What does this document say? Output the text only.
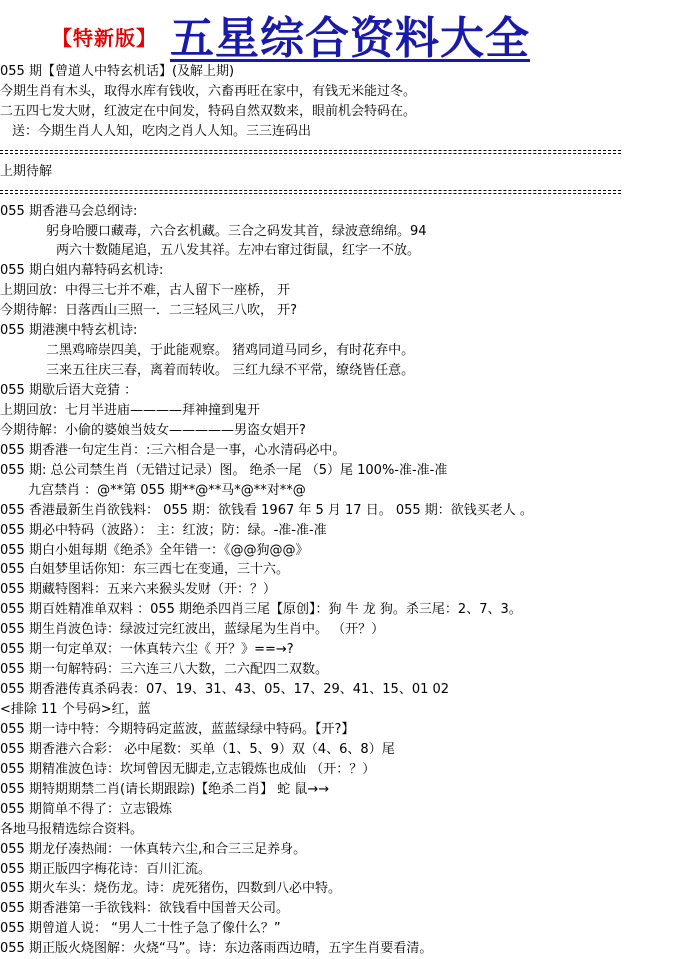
【特新版】 五星综合资料大全
055 期【曾道人中特玄机话】(及解上期)
今期生肖有木头，取得水库有钱收，六畜再旺在家中，有钱无米能过冬。
二五四七发大财，红波定在中间发，特码自然双数来，眼前机会特码在。
送：今期生肖人人知，吃肉之肖人人知。三三连码出
上期待解
055 期香港马会总纲诗:
躬身哈腰口藏毒，六合玄机藏。三合之码发其首，绿波意绵绵。94
两六十数随尾追，五八发其祥。左冲右窜过街鼠，红字一不放。
055 期白姐内幕特码玄机诗:
上期回放：中得三七并不难，古人留下一座桥， 开
今期待解：日落西山三照一．二三轻风三八吹， 开?
055 期港澳中特玄机诗:
二黑鸡啼崇四美，于此能观察。 猪鸡同道马同乡，有时花弃中。
三来五往庆三春，离着而转收。 三红九绿不平常，缭绕皆任意。
055 期歇后语大竞猜 ：
上期回放：七月半进庙————拜神撞到鬼开
今期待解：小偷的婆娘当妓女—————男盗女娼开?
055 期香港一句定生肖：:三六相合是一事，心水清码必中。
055 期: 总公司禁生肖（无错过记录）图。 绝杀一尾 （5）尾 100%-准-准-准
九宫禁肖 ：@**第 055 期**@**马*@**对**@
055 香港最新生肖欲钱料： 055 期：欲钱看 1967 年 5 月 17 日。 055 期：欲钱买老人 。
055 期必中特码（波路）： 主：红波；防：绿。-准-准-准
055 期白小姐每期《绝杀》全年错一：《@@狗@@》
055 白姐梦里话你知：东三西七在变通，三十六。
055 期藏特图料：五来六来猴头发财（开：？）
055 期百姓精准单双料 ：055 期绝杀四肖三尾【原创】：狗 牛 龙 狗。杀三尾：2、7、3。
055 期生肖波色诗：绿波过完红波出，蓝绿尾为生肖中。 （开？）
055 期一句定单双：一休真转六尘《 开？》==→?
055 期一句解特码：三六连三八大数，二六配四二双数。
055 期香港传真杀码表：07、19、31、43、05、17、29、41、15、01 02
<排除 11 个号码>红，蓝
055 期一诗中特：今期特码定蓝波，蓝蓝绿绿中特码。【开?】
055 期香港六合彩： 必中尾数：买单（1、5、9）双（4、6、8）尾
055 期精准波色诗：坎坷曾因无脚走,立志锻炼也成仙 （开：？）
055 期特期期禁二肖(请长期跟踪)【绝杀二肖】 蛇 鼠→→
055 期简单不得了：立志锻炼
各地马报精选综合资料。
055 期龙仔凑热闹：一休真转六尘,和合三三足养身。
055 期正版四字梅花诗：百川汇流。
055 期火车头：烧伤龙。诗：虎死猪伤，四数到八必中特。
055 期香港第一手欲钱料：欲钱看中国普天公司。
055 期曾道人说： “男人二十性子急了像什么？”
055 期正版火烧图解：火烧“马”。诗：东边落雨西边晴，五字生肖要看清。
